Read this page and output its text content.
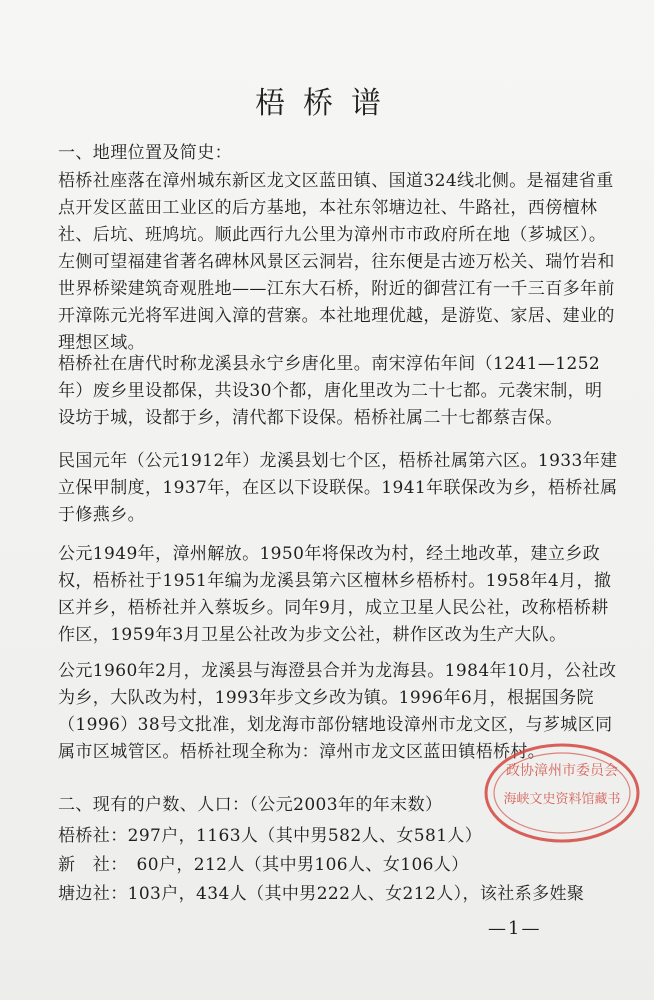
梧桥谱
一、地理位置及简史：
梧桥社座落在漳州城东新区龙文区蓝田镇、国道324线北侧。是福建省重点开发区蓝田工业区的后方基地，本社东邻塘边社、牛路社，西傍檀林社、后坑、班鸠坑。顺此西行九公里为漳州市市政府所在地（芗城区）。左侧可望福建省著名碑林风景区云洞岩，往东便是古迹万松关、瑞竹岩和世界桥梁建筑奇观胜地——江东大石桥，附近的御营江有一千三百多年前开漳陈元光将军进闽入漳的营寨。本社地理优越，是游览、家居、建业的理想区域。
梧桥社在唐代时称龙溪县永宁乡唐化里。南宋淳佑年间（1241—1252年）废乡里设都保，共设30个都，唐化里改为二十七都。元袭宋制，明设坊于城，设都于乡，清代都下设保。梧桥社属二十七都蔡吉保。
民国元年（公元1912年）龙溪县划七个区，梧桥社属第六区。1933年建立保甲制度，1937年，在区以下设联保。1941年联保改为乡，梧桥社属于修燕乡。
公元1949年，漳州解放。1950年将保改为村，经土地改革，建立乡政权，梧桥社于1951年编为龙溪县第六区檀林乡梧桥村。1958年4月，撤区并乡，梧桥社并入蔡坂乡。同年9月，成立卫星人民公社，改称梧桥耕作区，1959年3月卫星公社改为步文公社，耕作区改为生产大队。
公元1960年2月，龙溪县与海澄县合并为龙海县。1984年10月，公社改为乡，大队改为村，1993年步文乡改为镇。1996年6月，根据国务院（1996）38号文批准，划龙海市部份辖地设漳州市龙文区，与芗城区同属市区城管区。梧桥社现全称为：漳州市龙文区蓝田镇梧桥村。
二、现有的户数、人口：（公元2003年的年末数）
梧桥社：297户，1163人（其中男582人、女581人）
新　社：　60户，212人（其中男106人、女106人）
塘边社：103户，434人（其中男222人、女212人），该社系多姓聚
—1—
政协漳州市委员会
海峡文史资料馆藏书
